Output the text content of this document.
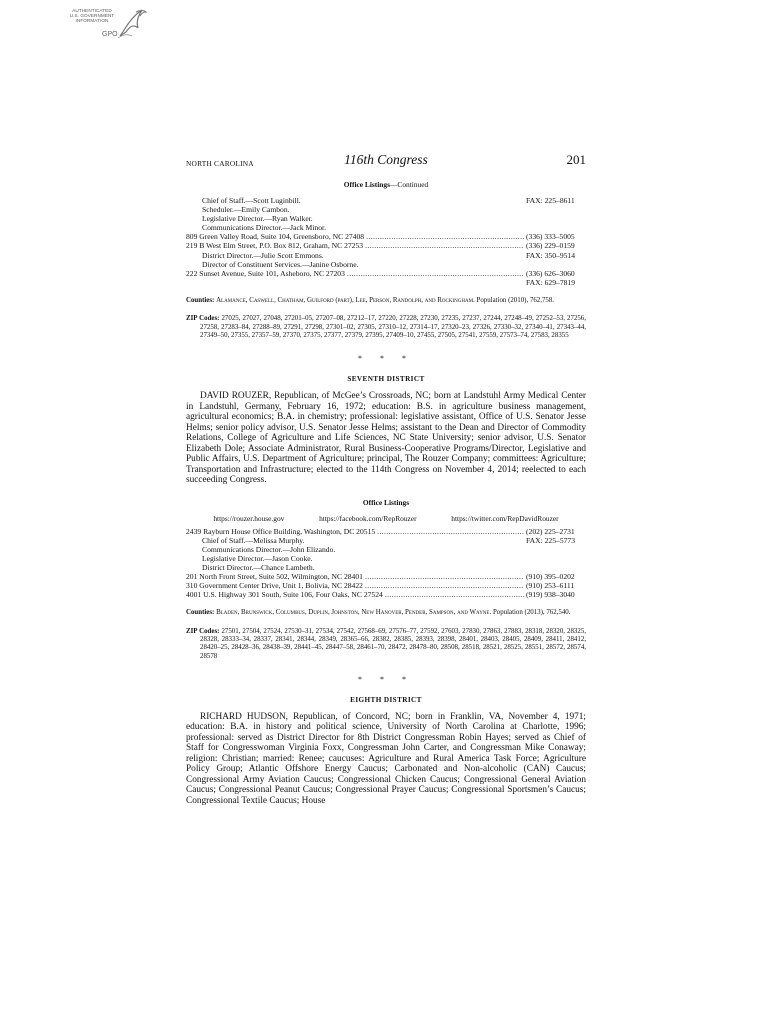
AUTHENTICATED
U.S. GOVERNMENT
INFORMATION
GPO
NORTH CAROLINA	116th Congress	201
Office Listings—Continued
Chief of Staff.—Scott Luginbill.	FAX: 225–8611
Scheduler.—Emily Cambon.
Legislative Director.—Ryan Walker.
Communications Director.—Jack Minor.
809 Green Valley Road, Suite 104, Greensboro, NC 27408 .....	(336) 333–5005
219 B West Elm Street, P.O. Box 812, Graham, NC 27253 .....	(336) 229–0159
District Director.—Julie Scott Emmons.	FAX: 350–9514
Director of Constituent Services.—Janine Osborne.
222 Sunset Avenue, Suite 101, Asheboro, NC 27203 .....	(336) 626–3060
FAX: 629–7819
Counties: Alamance, Caswell, Chatham, Guilford (part), Lee, Person, Randolph, and Rockingham. Population (2010), 762,758.
ZIP Codes: 27025, 27027, 27048, 27201–05, 27207–08, 27212–17, 27220, 27228, 27230, 27235, 27237, 27244, 27248–49, 27252–53, 27256, 27258, 27283–84, 27288–89, 27291, 27298, 27301–02, 27305, 27310–12, 27314–17, 27320–23, 27326, 27330–32, 27340–41, 27343–44, 27349–50, 27355, 27357–59, 27370, 27375, 27377, 27379, 27395, 27409–10, 27455, 27505, 27541, 27559, 27573–74, 27583, 28355
* * *
SEVENTH DISTRICT

DAVID ROUZER, Republican, of McGee’s Crossroads, NC; born at Landstuhl Army Medical Center in Landstuhl, Germany, February 16, 1972; education: B.S. in agriculture business management, agricultural economics; B.A. in chemistry; professional: legislative assistant, Office of U.S. Senator Jesse Helms; senior policy advisor, U.S. Senator Jesse Helms; assistant to the Dean and Director of Commodity Relations, College of Agriculture and Life Sciences, NC State University; senior advisor, U.S. Senator Elizabeth Dole; Associate Administrator, Rural Business-Cooperative Programs/Director, Legislative and Public Affairs, U.S. Department of Agriculture; principal, The Rouzer Company; committees: Agriculture; Transportation and Infrastructure; elected to the 114th Congress on November 4, 2014; reelected to each succeeding Congress.

Office Listings
https://rouzer.house.gov	https://facebook.com/RepRouzer	https://twitter.com/RepDavidRouzer
2439 Rayburn House Office Building, Washington, DC 20515 .....	(202) 225–2731
Chief of Staff.—Melissa Murphy.	FAX: 225–5773
Communications Director.—John Elizando.
Legislative Director.—Jason Cooke.
District Director.—Chance Lambeth.
201 North Front Street, Suite 502, Wilmington, NC 28401 .....	(910) 395–0202
310 Government Center Drive, Unit 1, Bolivia, NC 28422 .....	(910) 253–6111
4001 U.S. Highway 301 South, Suite 106, Four Oaks, NC 27524 .....	(919) 938–3040
Counties: Bladen, Brunswick, Columbus, Duplin, Johnston, New Hanover, Pender, Sampson, and Wayne. Population (2013), 762,540.
ZIP Codes: 27501, 27504, 27524, 27530–31, 27534, 27542, 27568–69, 27576–77, 27592, 27603, 27830, 27863, 27883, 28318, 28320, 28325, 28328, 28333–34, 28337, 28341, 28344, 28349, 28365–66, 28382, 28385, 28393, 28398, 28401, 28403, 28405, 28409, 28411, 28412, 28420–25, 28428–36, 28438–39, 28441–45, 28447–58, 28461–70, 28472, 28478–80, 28508, 28518, 28521, 28525, 28551, 28572, 28574, 28578
* * *
EIGHTH DISTRICT

RICHARD HUDSON, Republican, of Concord, NC; born in Franklin, VA, November 4, 1971; education: B.A. in history and political science, University of North Carolina at Charlotte, 1996; professional: served as District Director for 8th District Congressman Robin Hayes; served as Chief of Staff for Congresswoman Virginia Foxx, Congressman John Carter, and Congressman Mike Conaway; religion: Christian; married: Renee; caucuses: Agriculture and Rural America Task Force; Agriculture Policy Group; Atlantic Offshore Energy Caucus; Carbonated and Non-alcoholic (CAN) Caucus; Congressional Army Aviation Caucus; Congressional Chicken Caucus; Congressional General Aviation Caucus; Congressional Peanut Caucus; Congressional Prayer Caucus; Congressional Sportsmen’s Caucus; Congressional Textile Caucus; House
